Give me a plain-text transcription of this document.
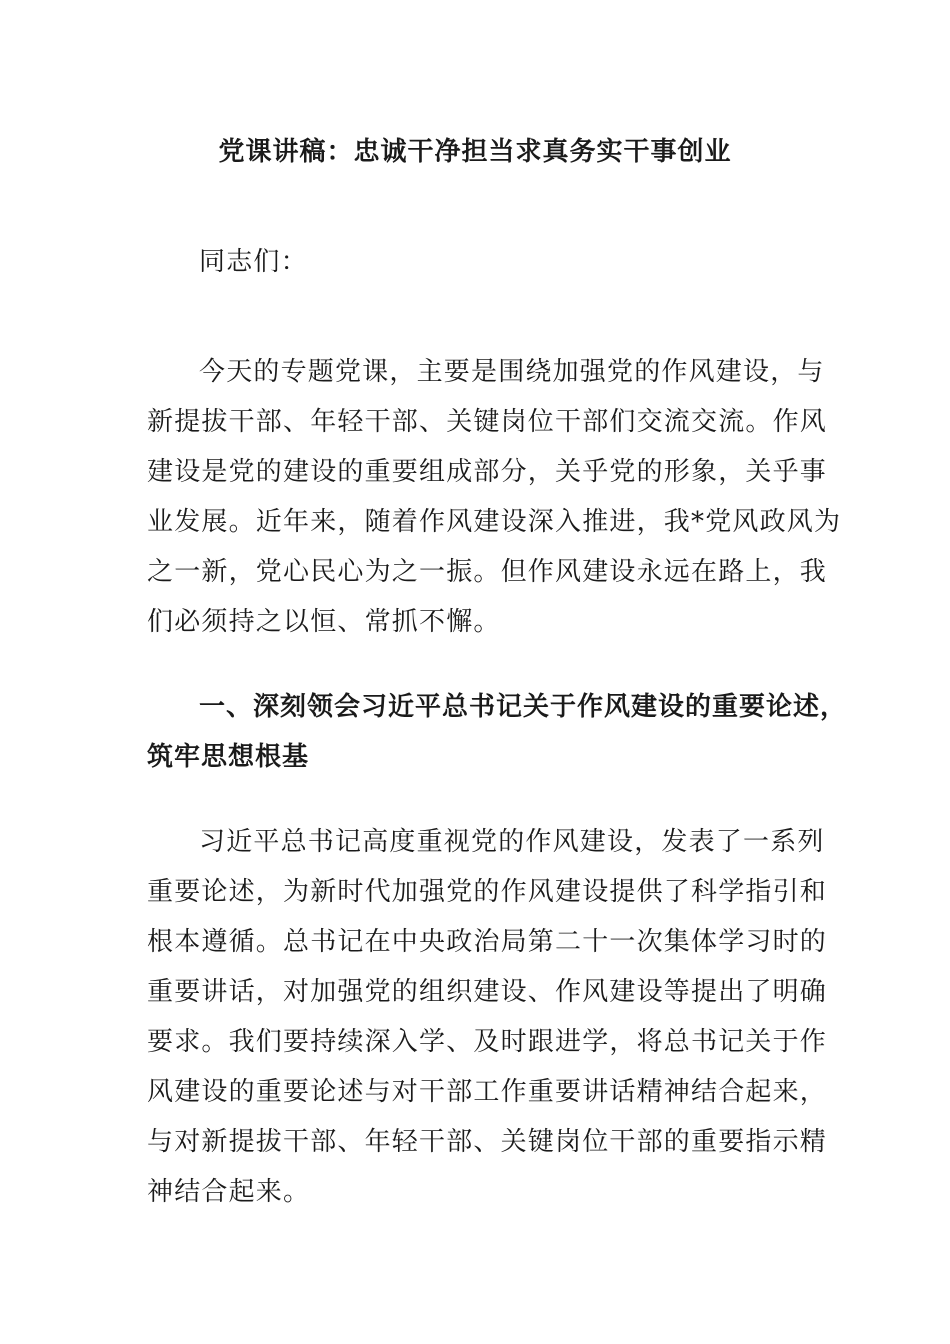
党课讲稿：忠诚干净担当求真务实干事创业
同志们：
今天的专题党课，主要是围绕加强党的作风建设，与
新提拔干部、年轻干部、关键岗位干部们交流交流。作风
建设是党的建设的重要组成部分，关乎党的形象，关乎事
业发展。近年来，随着作风建设深入推进，我*党风政风为
之一新，党心民心为之一振。但作风建设永远在路上，我
们必须持之以恒、常抓不懈。
一、深刻领会习近平总书记关于作风建设的重要论述，
筑牢思想根基
习近平总书记高度重视党的作风建设，发表了一系列
重要论述，为新时代加强党的作风建设提供了科学指引和
根本遵循。总书记在中央政治局第二十一次集体学习时的
重要讲话，对加强党的组织建设、作风建设等提出了明确
要求。我们要持续深入学、及时跟进学，将总书记关于作
风建设的重要论述与对干部工作重要讲话精神结合起来，
与对新提拔干部、年轻干部、关键岗位干部的重要指示精
神结合起来。
